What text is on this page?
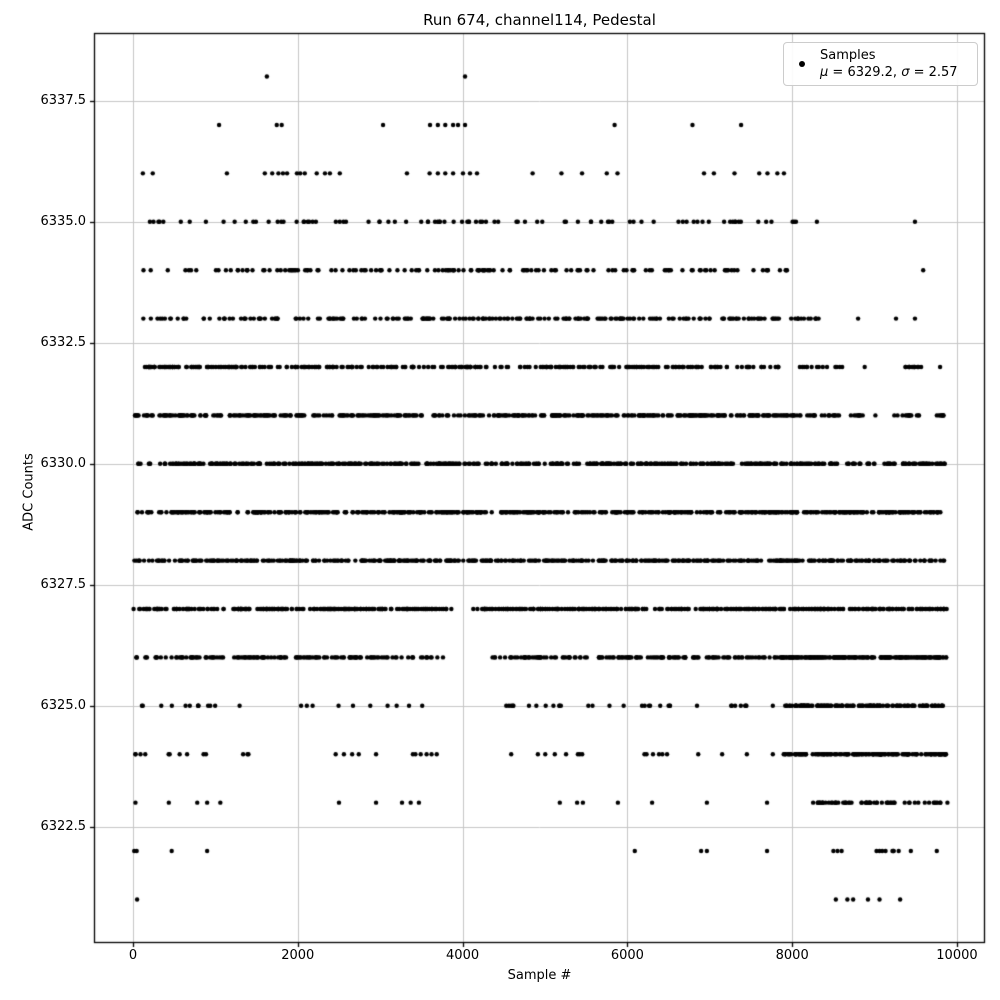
Run 674, channel114, Pedestal
Sample #
ADC Counts
0	2000	4000	6000	8000	10000
6322.5
6325.0
6327.5
6330.0
6332.5
6335.0
6337.5
Samples
μ = 6329.2, σ = 2.57
